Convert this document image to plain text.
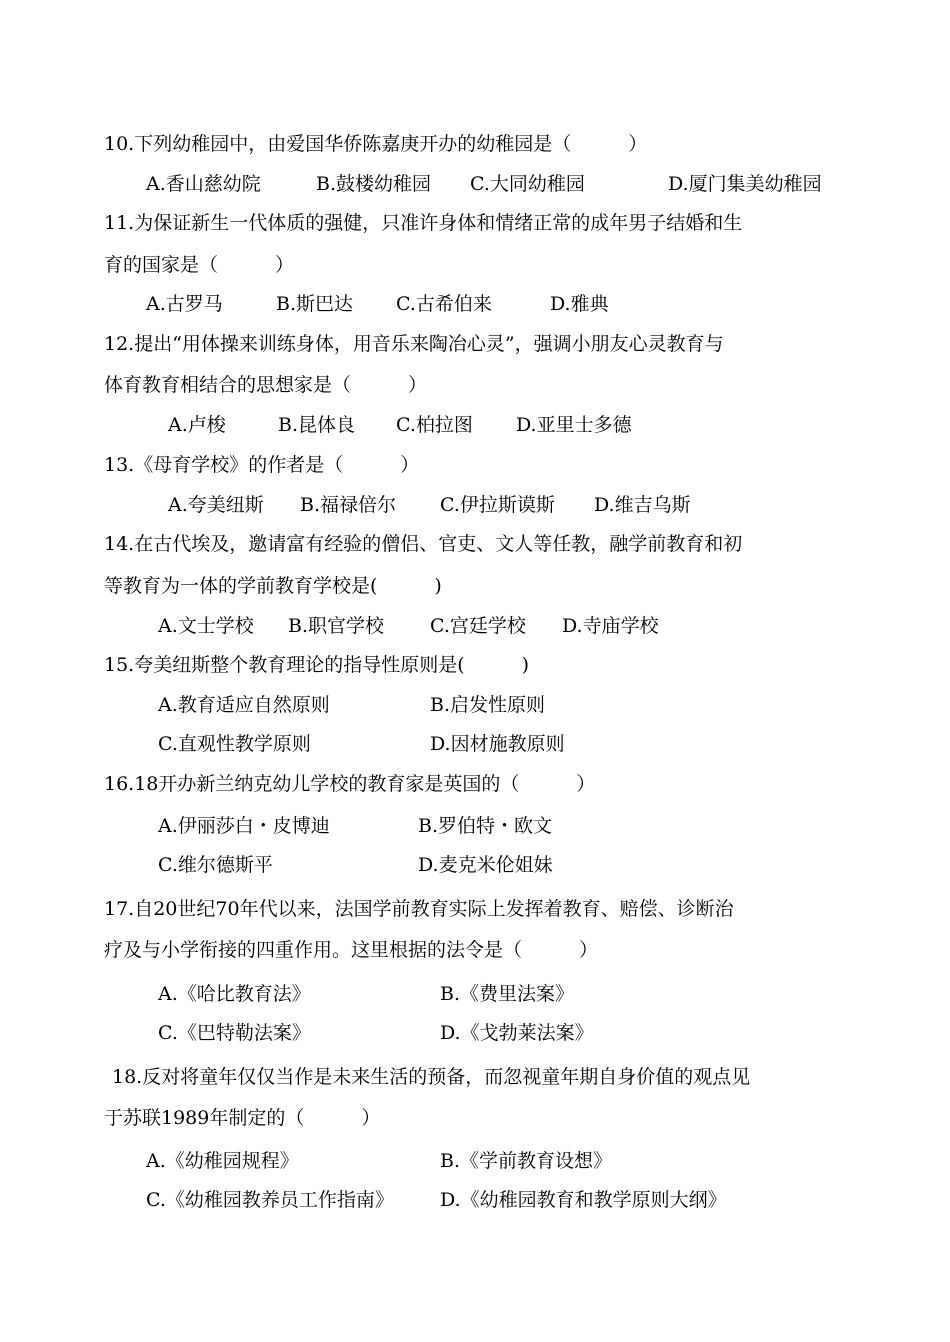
10.下列幼稚园中，由爱国华侨陈嘉庚开办的幼稚园是（　　　）
A.香山慈幼院	B.鼓楼幼稚园 C.大同幼稚园	D.厦门集美幼稚园
11.为保证新生一代体质的强健，只准许身体和情绪正常的成年男子结婚和生
育的国家是（　　　）
A.古罗马	B.斯巴达 C.古希伯来	D.雅典
12.提出“用体操来训练身体，用音乐来陶冶心灵”，强调小朋友心灵教育与
体育教育相结合的思想家是（　　　）
A.卢梭	B.昆体良 C.柏拉图 D.亚里士多德
13.《母育学校》的作者是（　　　）
A.夸美纽斯 B.福禄倍尔 C.伊拉斯谟斯 D.维吉乌斯
14.在古代埃及，邀请富有经验的僧侣、官吏、文人等任教，融学前教育和初
等教育为一体的学前教育学校是(　　　)
A.文士学校 B.职官学校 C.宫廷学校 D.寺庙学校
15.夸美纽斯整个教育理论的指导性原则是(　　　)
A.教育适应自然原则	B.启发性原则
C.直观性教学原则	D.因材施教原则
16.18开办新兰纳克幼儿学校的教育家是英国的（　　　）
A.伊丽莎白・皮博迪	B.罗伯特・欧文
C.维尔德斯平	D.麦克米伦姐妹
17.自20世纪70年代以来，法国学前教育实际上发挥着教育、赔偿、诊断治
疗及与小学衔接的四重作用。这里根据的法令是（　　　）
A.《哈比教育法》	B.《费里法案》
C.《巴特勒法案》	D.《戈勃莱法案》
18.反对将童年仅仅当作是未来生活的预备，而忽视童年期自身价值的观点见
于苏联1989年制定的（　　　）
A.《幼稚园规程》	B.《学前教育设想》
C.《幼稚园教养员工作指南》 D.《幼稚园教育和教学原则大纲》
